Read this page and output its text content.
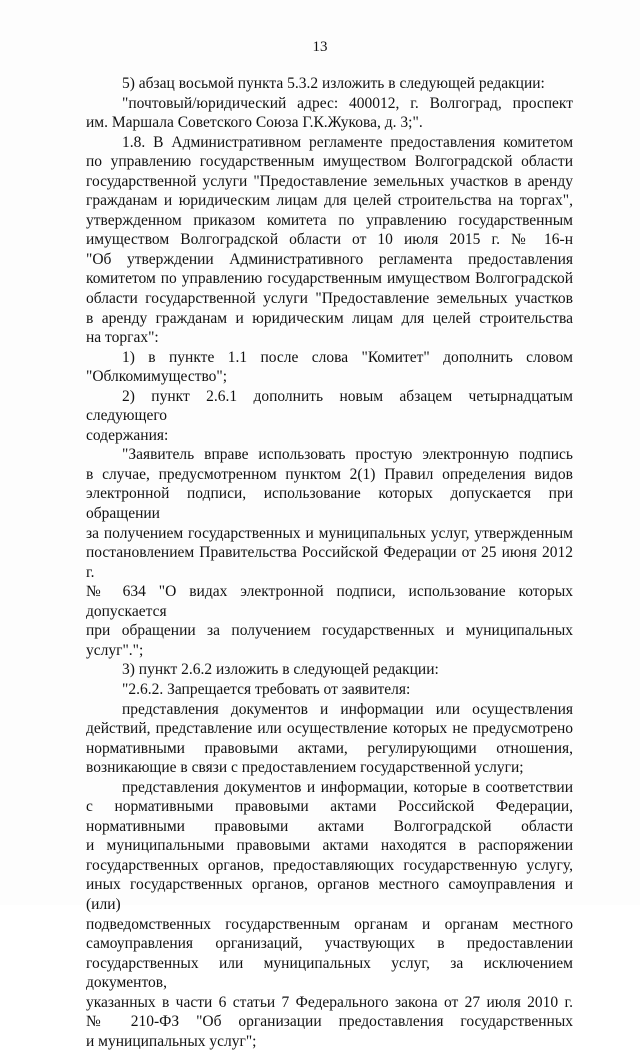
13
5) абзац восьмой пункта 5.3.2 изложить в следующей редакции:
"почтовый/юридический адрес: 400012, г. Волгоград, проспект
им. Маршала Советского Союза Г.К.Жукова, д. 3;".
1.8. В Административном регламенте предоставления комитетом
по управлению государственным имуществом Волгоградской области
государственной услуги "Предоставление земельных участков в аренду
гражданам и юридическим лицам для целей строительства на торгах",
утвержденном приказом комитета по управлению государственным
имуществом Волгоградской области от 10 июля 2015 г. № 16-н
"Об утверждении Административного регламента предоставления
комитетом по управлению государственным имуществом Волгоградской
области государственной услуги "Предоставление земельных участков
в аренду гражданам и юридическим лицам для целей строительства
на торгах":
1) в пункте 1.1 после слова "Комитет" дополнить словом
"Облкомимущество";
2) пункт 2.6.1 дополнить новым абзацем четырнадцатым следующего
содержания:
"Заявитель вправе использовать простую электронную подпись
в случае, предусмотренном пунктом 2(1) Правил определения видов
электронной подписи, использование которых допускается при обращении
за получением государственных и муниципальных услуг, утвержденным
постановлением Правительства Российской Федерации от 25 июня 2012 г.
№ 634 "О видах электронной подписи, использование которых допускается
при обращении за получением государственных и муниципальных
услуг".";
3) пункт 2.6.2 изложить в следующей редакции:
"2.6.2. Запрещается требовать от заявителя:
представления документов и информации или осуществления
действий, представление или осуществление которых не предусмотрено
нормативными правовыми актами, регулирующими отношения,
возникающие в связи с предоставлением государственной услуги;
представления документов и информации, которые в соответствии
с нормативными правовыми актами Российской Федерации,
нормативными правовыми актами Волгоградской области
и муниципальными правовыми актами находятся в распоряжении
государственных органов, предоставляющих государственную услугу,
иных государственных органов, органов местного самоуправления и (или)
подведомственных государственным органам и органам местного
самоуправления организаций, участвующих в предоставлении
государственных или муниципальных услуг, за исключением документов,
указанных в части 6 статьи 7 Федерального закона от 27 июля 2010 г.
№ 210-ФЗ "Об организации предоставления государственных
и муниципальных услуг";
